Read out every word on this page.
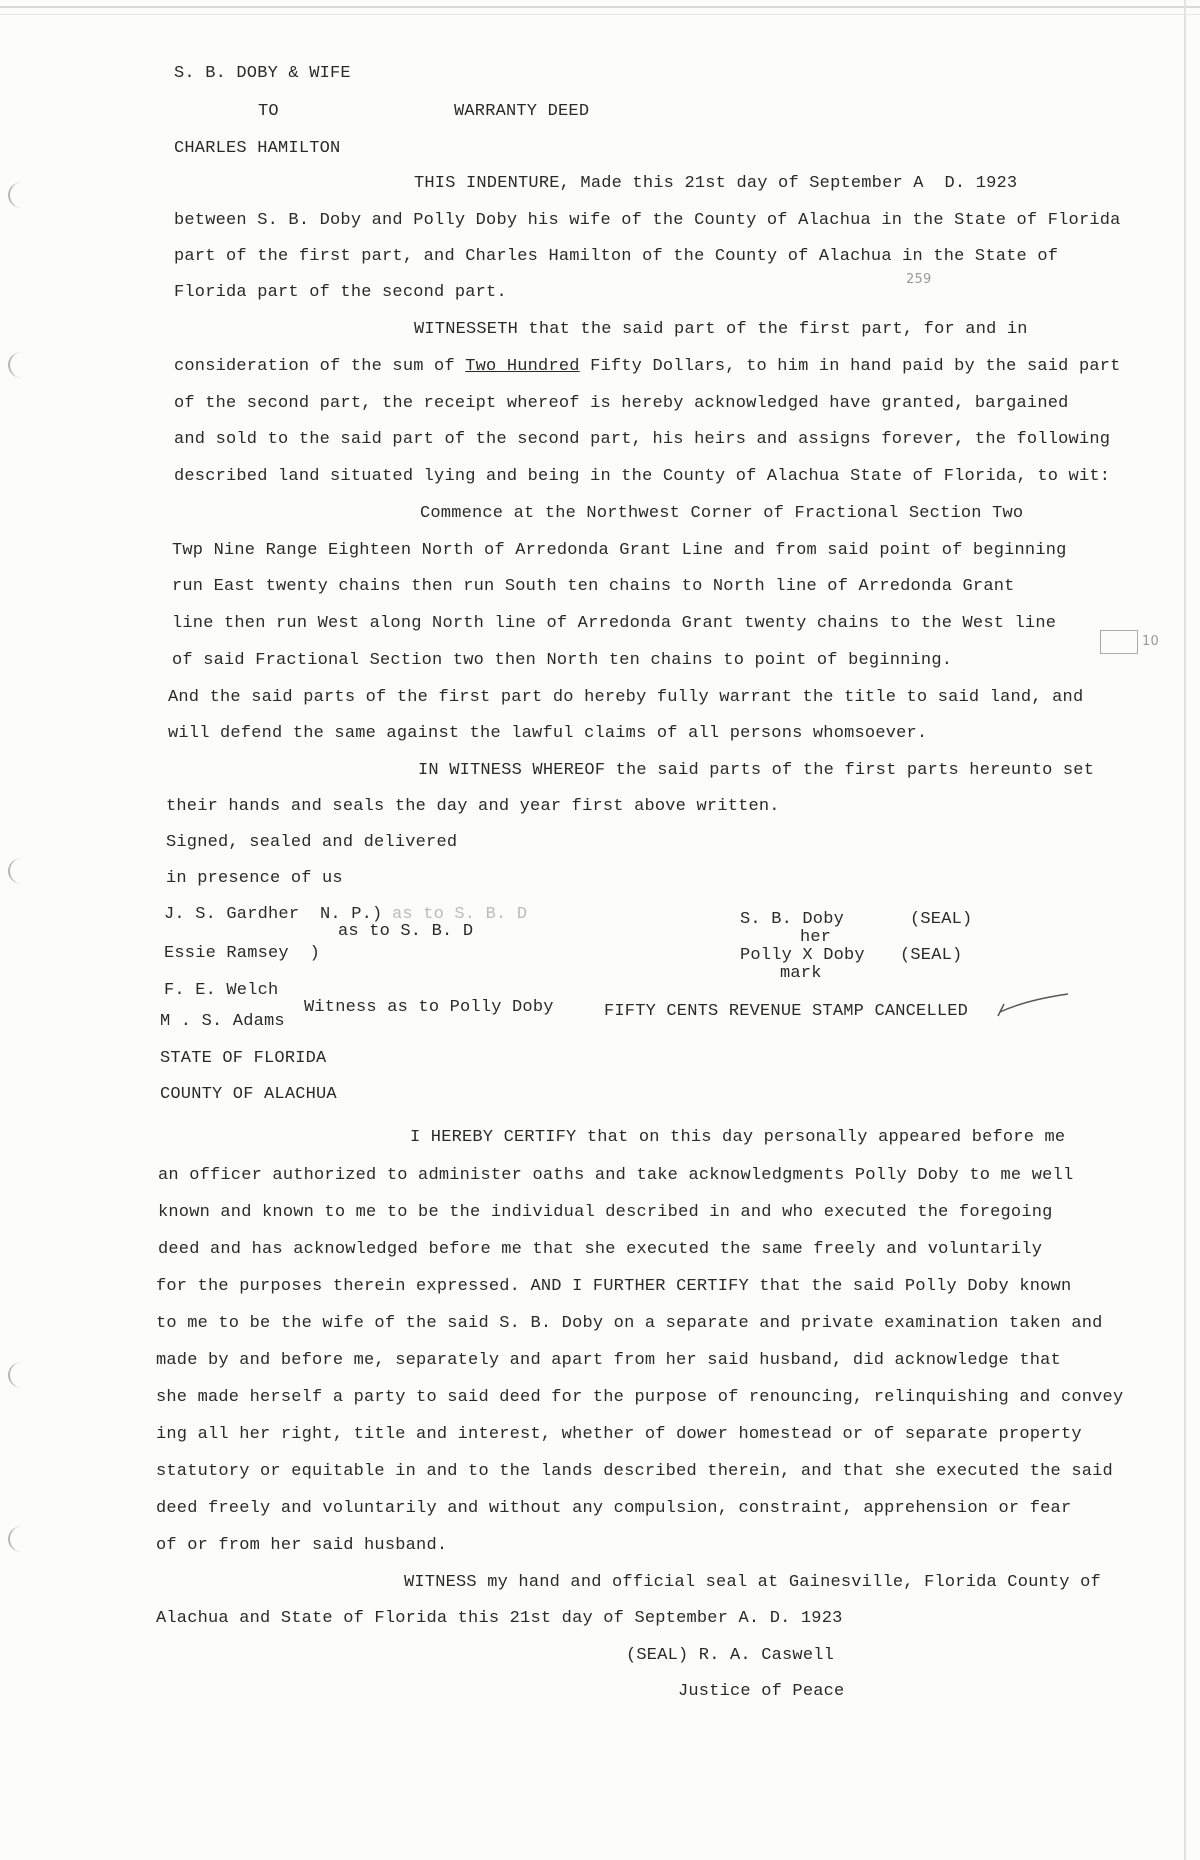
S. B. DOBY & WIFE
TO	WARRANTY DEED
CHARLES HAMILTON
THIS INDENTURE, Made this 21st day of September A  D. 1923
between S. B. Doby and Polly Doby his wife of the County of Alachua in the State of Florida
part of the first part, and Charles Hamilton of the County of Alachua in the State of
Florida part of the second part.
259
WITNESSETH that the said part of the first part, for and in
consideration of the sum of Two Hundred Fifty Dollars, to him in hand paid by the said part
of the second part, the receipt whereof is hereby acknowledged have granted, bargained
and sold to the said part of the second part, his heirs and assigns forever, the following
described land situated lying and being in the County of Alachua State of Florida, to wit:
Commence at the Northwest Corner of Fractional Section Two
Twp Nine Range Eighteen North of Arredonda Grant Line and from said point of beginning
run East twenty chains then run South ten chains to North line of Arredonda Grant
line then run West along North line of Arredonda Grant twenty chains to the West line
of said Fractional Section two then North ten chains to point of beginning.
10
And the said parts of the first part do hereby fully warrant the title to said land, and
will defend the same against the lawful claims of all persons whomsoever.
IN WITNESS WHEREOF the said parts of the first parts hereunto set
their hands and seals the day and year first above written.
Signed, sealed and delivered
in presence of us
J. S. Gardher  N. P.) as to S. B. D
as to S. B. D
Essie Ramsey  )
F. E. Welch
Witness as to Polly Doby
M . S. Adams
S. B. Doby	(SEAL)
her
Polly X Doby (SEAL)
mark
FIFTY CENTS REVENUE STAMP CANCELLED
STATE OF FLORIDA
COUNTY OF ALACHUA
I HEREBY CERTIFY that on this day personally appeared before me
an officer authorized to administer oaths and take acknowledgments Polly Doby to me well
known and known to me to be the individual described in and who executed the foregoing
deed and has acknowledged before me that she executed the same freely and voluntarily
for the purposes therein expressed. AND I FURTHER CERTIFY that the said Polly Doby known
to me to be the wife of the said S. B. Doby on a separate and private examination taken and
made by and before me, separately and apart from her said husband, did acknowledge that
she made herself a party to said deed for the purpose of renouncing, relinquishing and convey
ing all her right, title and interest, whether of dower homestead or of separate property
statutory or equitable in and to the lands described therein, and that she executed the said
deed freely and voluntarily and without any compulsion, constraint, apprehension or fear
of or from her said husband.
WITNESS my hand and official seal at Gainesville, Florida County of
Alachua and State of Florida this 21st day of September A. D. 1923
(SEAL) R. A. Caswell
Justice of Peace
